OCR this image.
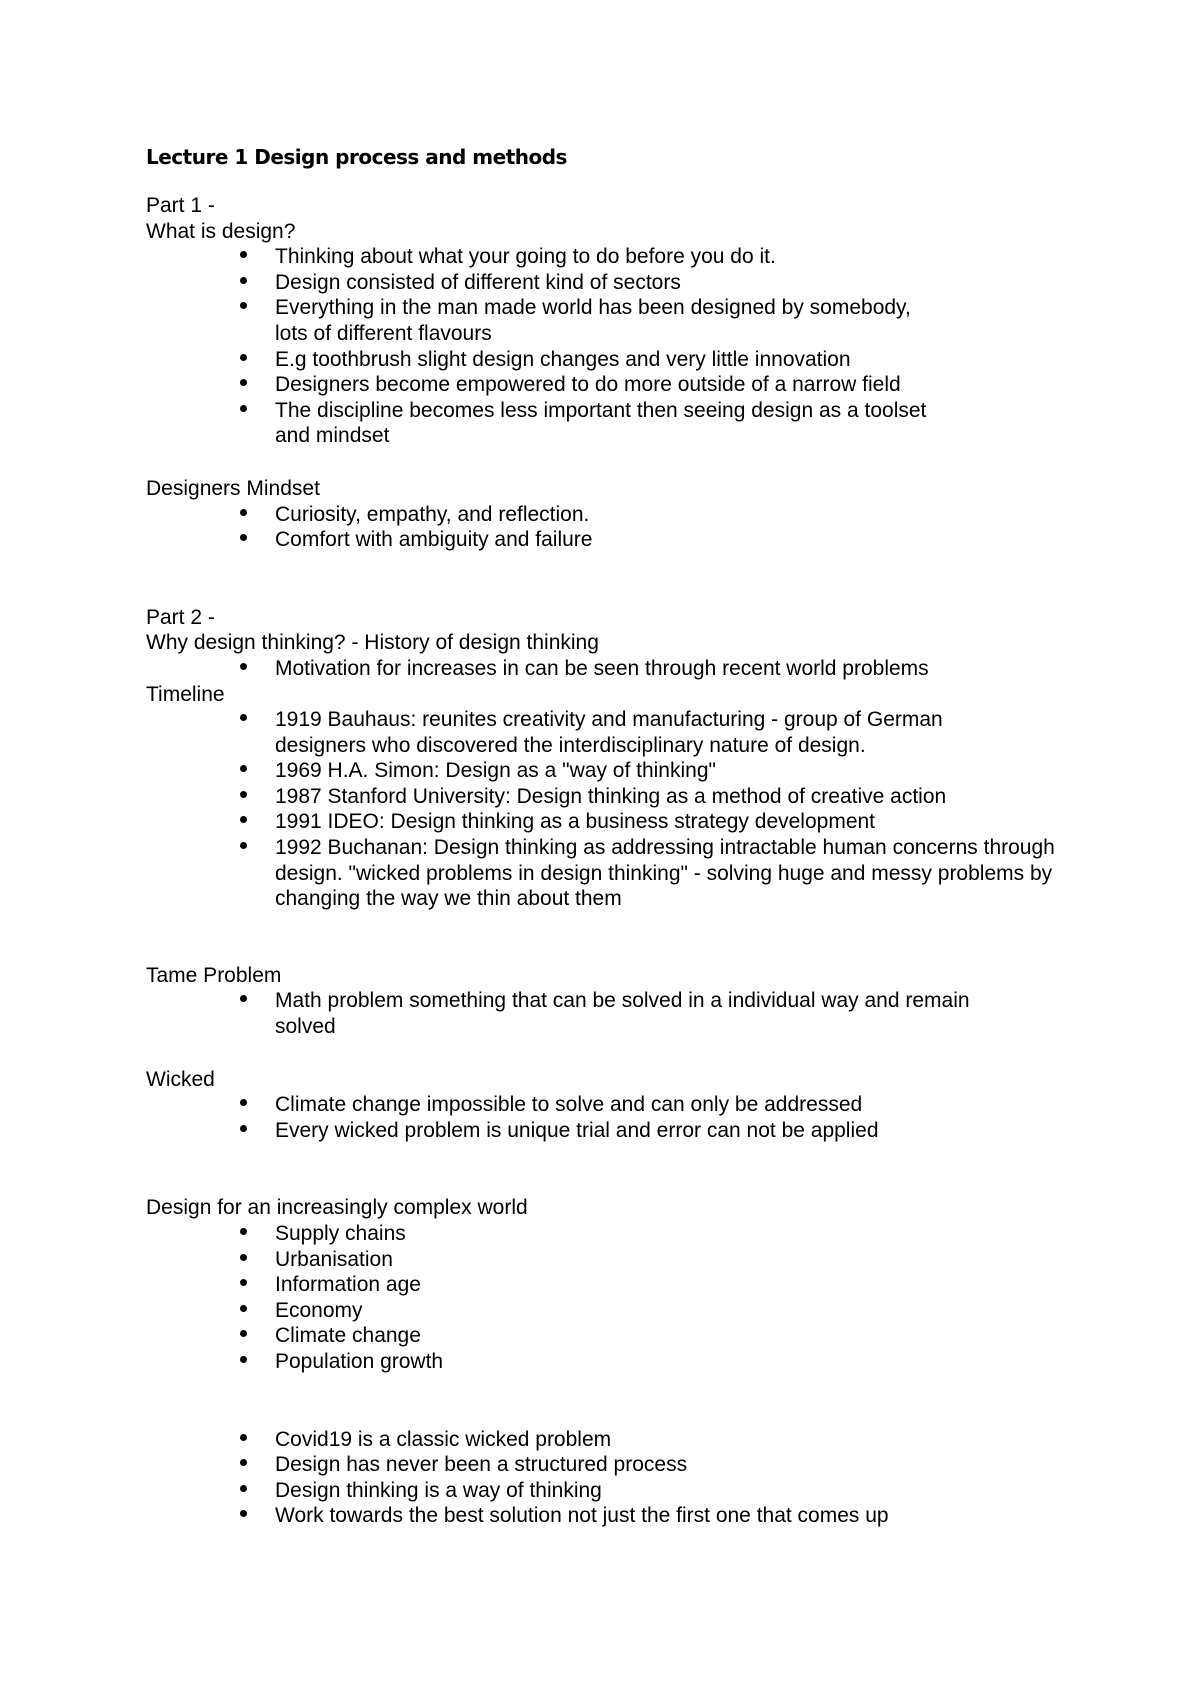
Lecture 1 Design process and methods
Part 1 -
What is design?
Thinking about what your going to do before you do it.
Design consisted of different kind of sectors
Everything in the man made world has been designed by somebody, lots of different flavours
E.g toothbrush slight design changes and very little innovation
Designers become empowered to do more outside of a narrow field
The discipline becomes less important then seeing design as a toolset and mindset
Designers Mindset
Curiosity, empathy, and reflection.
Comfort with ambiguity and failure
Part 2 -
Why design thinking? - History of design thinking
Motivation for increases in can be seen through recent world problems
Timeline
1919 Bauhaus: reunites creativity and manufacturing - group of German designers who discovered the interdisciplinary nature of design.
1969 H.A. Simon: Design as a "way of thinking"
1987 Stanford University: Design thinking as a method of creative action
1991 IDEO: Design thinking as a business strategy development
1992 Buchanan: Design thinking as addressing intractable human concerns through design. "wicked problems in design thinking" - solving huge and messy problems by changing the way we thin about them
Tame Problem
Math problem something that can be solved in a individual way and remain solved
Wicked
Climate change impossible to solve and can only be addressed
Every wicked problem is unique trial and error can not be applied
Design for an increasingly complex world
Supply chains
Urbanisation
Information age
Economy
Climate change
Population growth
Covid19 is a classic wicked problem
Design has never been a structured process
Design thinking is a way of thinking
Work towards the best solution not just the first one that comes up
